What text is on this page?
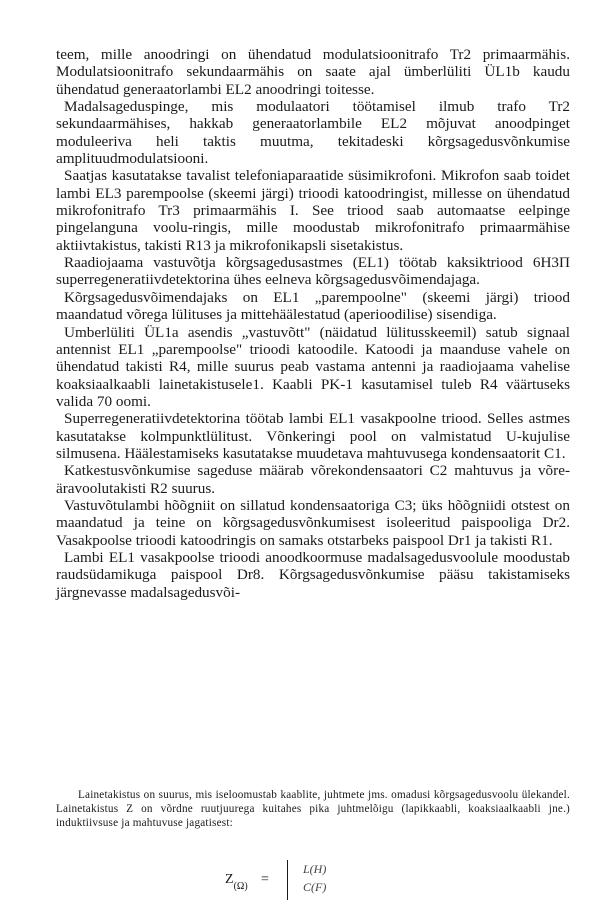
teem, mille anoodringi on ühendatud modulatsioonitrafo Tr2 primaarmähis. Modulatsioonitrafo sekundaarmähis on saate ajal ümberlüliti ÜL1b kaudu ühendatud generaatorlambi EL2 anoodringi toitesse.

Madalsageduspinge, mis modulaatori töötamisel ilmub trafo Tr2 sekundaarmähises, hakkab generaatorlambile EL2 mõjuvat anoodpinget moduleeriva heli taktis muutma, tekitadeski kõrgsagedusvõnkumise amplituudmodulatsiooni.

Saatjas kasutatakse tavalist telefoniaparaatide süsimikrofoni. Mikrofon saab toidet lambi EL3 parempoolse (skeemi järgi) trioodi katoodringist, millesse on ühendatud mikrofonitrafo Tr3 primaarmähis I. See triood saab automaatse eelpinge pingelanguna voolu-ringis, mille moodustab mikrofonitrafo primaarmähise aktiivtakistus, takisti R13 ja mikrofonikapsli sisetakistus.

Raadiojaama vastuvõtja kõrgsagedusastmes (EL1) töötab kaksiktriood 6H3П superregeneratiivdetektorina ühes eelneva kõrgsagedusvõimendajaga.

Kõrgsagedusvõimendajaks on EL1 „parempoolne" (skeemi järgi) triood maandatud võrega lülituses ja mittehäälestatud (aperioodilise) sisendiga.

Umberlüliti ÜL1a asendis „vastuvõtt" (näidatud lülitusskeemil) satub signaal antennist EL1 „parempoolse" trioodi katoodile. Katoodi ja maanduse vahele on ühendatud takisti R4, mille suurus peab vastama antenni ja raadiojaama vahelise koaksiaalkaabli lainetakistusele1. Kaabli PK-1 kasutamisel tuleb R4 väärtuseks valida 70 oomi.

Superregeneratiivdetektorina töötab lambi EL1 vasakpoolne triood. Selles astmes kasutatakse kolmpunktlülitust. Võnkeringi pool on valmistatud U-kujulise silmusena. Häälestamiseks kasutatakse muudetava mahtuvusega kondensaatorit C1.

Katkestusvõnkumise sageduse määrab võrekondensaatori C2 mahtuvus ja võre-äravoolutakisti R2 suurus.

Vastuvõtulambi hõõgniit on sillatud kondensaatoriga C3; üks hõõgniidi otstest on maandatud ja teine on kõrgsagedusvõnkumisest isoleeritud paispooliga Dr2. Vasakpoolse trioodi katoodringis on samaks otstarbeks paispool Dr1 ja takisti R1.

Lambi EL1 vasakpoolse trioodi anoodkoormuse madalsagedusvoolule moodustab raudsüdamikuga paispool Dr8. Kõrgsagedusvõnkumise pääsu takistamiseks järgnevasse madalsagedusvõi-

Lainetakistus on suurus, mis iseloomustab kaablite, juhtmete jms. omadusi kõrgsagedusvoolu ülekandel. Lainetakistus Z on võrdne ruutjuurega kuitahes pika juhtmelõigu (lapikkaabli, koaksiaalkaabli jne.) induktiivsuse ja mahtuvuse jagatisest:

$Z_{(\Omega)}$ =
L(H)
C(F)
